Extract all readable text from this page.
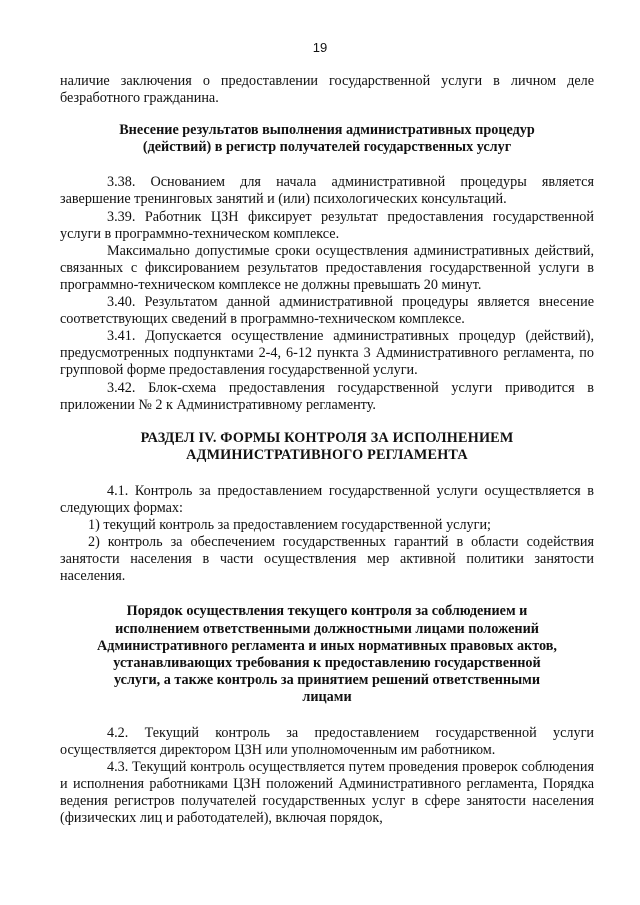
19

наличие заключения о предоставлении государственной услуги в личном деле безработного гражданина.

Внесение результатов выполнения административных процедур (действий) в регистр получателей государственных услуг

3.38. Основанием для начала административной процедуры является завершение тренинговых занятий и (или) психологических консультаций.

3.39. Работник ЦЗН фиксирует результат предоставления государственной услуги в программно-техническом комплексе.

Максимально допустимые сроки осуществления административных действий, связанных с фиксированием результатов предоставления государственной услуги в программно-техническом комплексе не должны превышать 20 минут.

3.40. Результатом данной административной процедуры является внесение соответствующих сведений в программно-техническом комплексе.

3.41. Допускается осуществление административных процедур (действий), предусмотренных подпунктами 2-4, 6-12 пункта 3 Административного регламента, по групповой форме предоставления государственной услуги.

3.42. Блок-схема предоставления государственной услуги приводится в приложении № 2 к Административному регламенту.

РАЗДЕЛ IV. ФОРМЫ КОНТРОЛЯ ЗА ИСПОЛНЕНИЕМ АДМИНИСТРАТИВНОГО РЕГЛАМЕНТА

4.1. Контроль за предоставлением государственной услуги осуществляется в следующих формах:

1) текущий контроль за предоставлением государственной услуги;

2) контроль за обеспечением государственных гарантий в области содействия занятости населения в части осуществления мер активной политики занятости населения.

Порядок осуществления текущего контроля за соблюдением и исполнением ответственными должностными лицами положений Административного регламента и иных нормативных правовых актов, устанавливающих требования к предоставлению государственной услуги, а также контроль за принятием решений ответственными лицами

4.2. Текущий контроль за предоставлением государственной услуги осуществляется директором ЦЗН или уполномоченным им работником.

4.3. Текущий контроль осуществляется путем проведения проверок соблюдения и исполнения работниками ЦЗН положений Административного регламента, Порядка ведения регистров получателей государственных услуг в сфере занятости населения (физических лиц и работодателей), включая порядок,
